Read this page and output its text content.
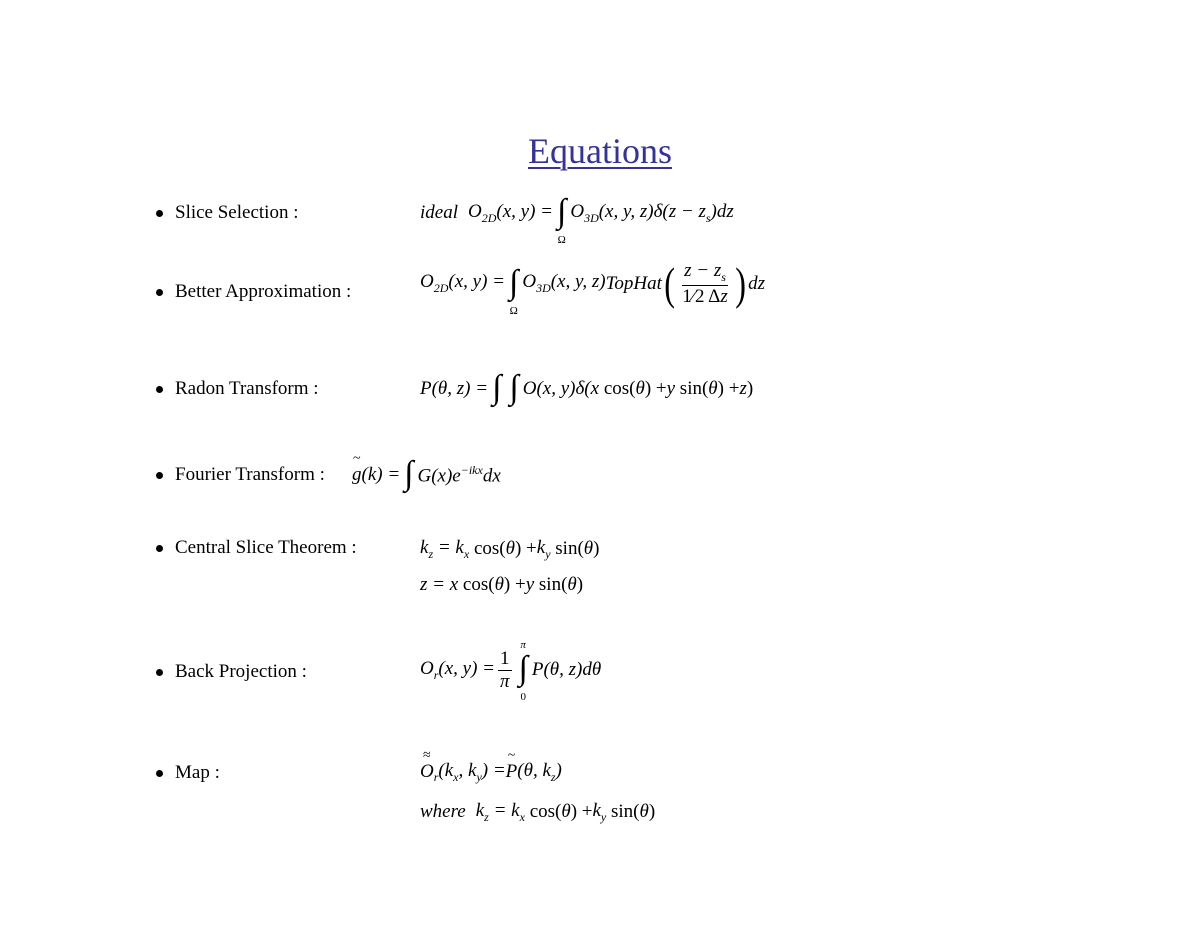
Equations
Slice Selection :	ideal $O_{2D}(x$, y) = ∫
Ω
$O_{3D}(x$, y, $z)\delta(z - z_s)dz$
Better Approximation :	$O_{2D}(x$, y) = ∫
Ω
$O_{3D}(x$, y, z) TopHat ( $\frac{z - z_s}{1⁄2 \Delta z}$ ) dz
Radon Transform :	P(θ, z) = ∫ ∫ O(x, y)δ(x cos( θ ) + y sin( θ ) + z )
Fourier Transform : g
~
(k) = ∫ $G(x)e^{-ikx}dx$
Central Slice Theorem :	$k_z = k_x$ cos( θ ) + $k_y$ sin( θ )
z = x cos( θ ) + y sin( θ )
Back Projection :	$O_r(x$, $y) = \frac{1}{\pi}$
π
∫
0
P(θ, z)dθ
Map :	O
≈
$_r(k_x$, $k_y) = P$
~
(θ, $k_z$)
where $k_z = k_x$ cos( θ ) + $k_y$ sin( θ )
